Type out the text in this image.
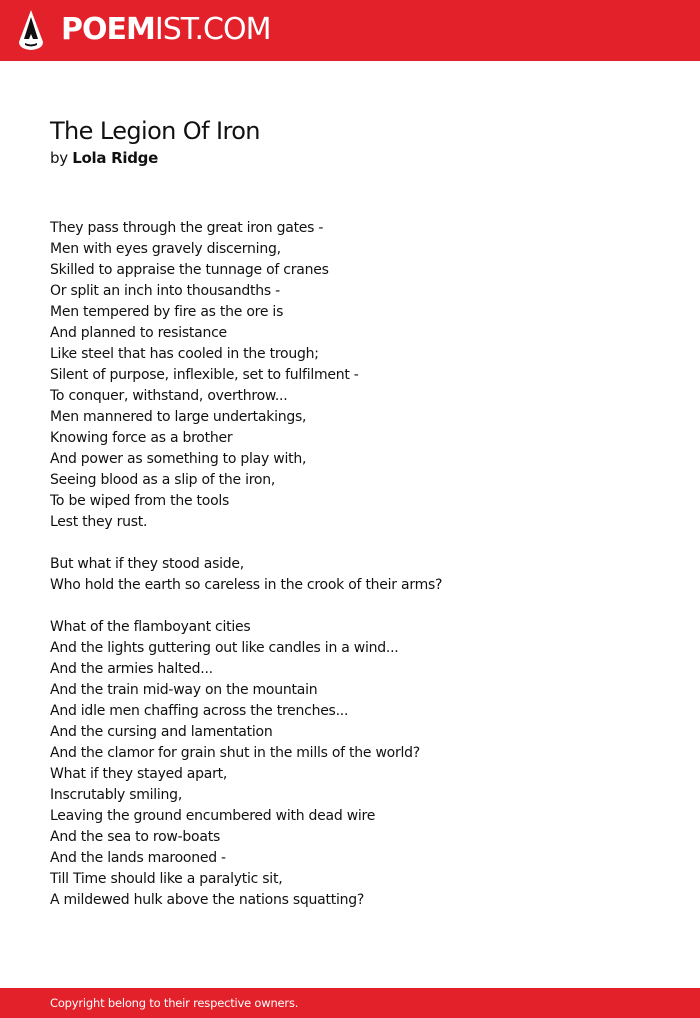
POEMIST.COM
The Legion Of Iron
by Lola Ridge
They pass through the great iron gates -
Men with eyes gravely discerning,
Skilled to appraise the tunnage of cranes
Or split an inch into thousandths -
Men tempered by fire as the ore is
And planned to resistance
Like steel that has cooled in the trough;
Silent of purpose, inflexible, set to fulfilment -
To conquer, withstand, overthrow...
Men mannered to large undertakings,
Knowing force as a brother
And power as something to play with,
Seeing blood as a slip of the iron,
To be wiped from the tools
Lest they rust.
But what if they stood aside,
Who hold the earth so careless in the crook of their arms?
What of the flamboyant cities
And the lights guttering out like candles in a wind...
And the armies halted...
And the train mid-way on the mountain
And idle men chaffing across the trenches...
And the cursing and lamentation
And the clamor for grain shut in the mills of the world?
What if they stayed apart,
Inscrutably smiling,
Leaving the ground encumbered with dead wire
And the sea to row-boats
And the lands marooned -
Till Time should like a paralytic sit,
A mildewed hulk above the nations squatting?
Copyright belong to their respective owners.
